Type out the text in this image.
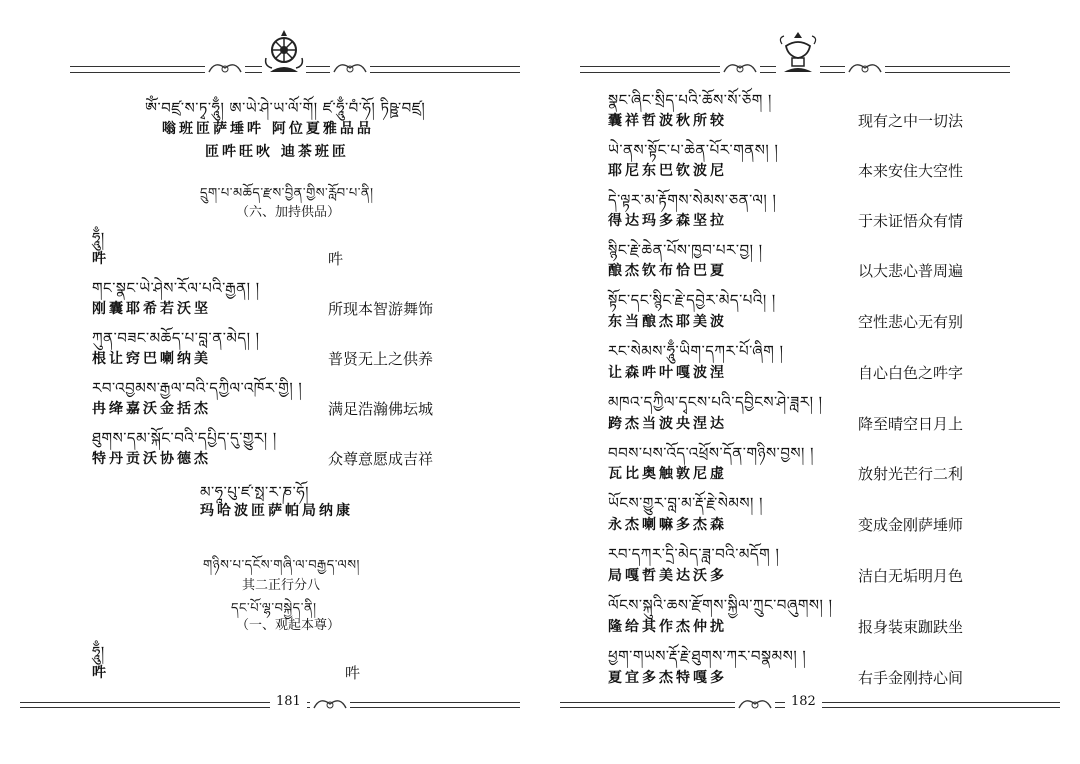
ཨོཾ་བཛྲ་ས་ཏྭ་ཧཱུྃ། ཨ་ཡེ་ཤེ་ཡ་ལོ་གོ། ཛ་ཧཱུྃ་བཾ་ཧོ། ཏིཥྛ་བཛྲ།
嗡班匝萨埵吽 阿位夏雅品品
匝吽旺吙 迪茶班匝
དྲུག་པ་མཆོད་རྫས་བྱིན་གྱིས་རློབ་པ་ནི།
（六、加持供品）
ཧཱུྃ།
吽	吽
གང་སྣང་ཡེ་ཤེས་རོལ་པའི་རྒྱན། །
刚囊耶希若沃坚	所现本智游舞饰
ཀུན་བཟང་མཆོད་པ་བླ་ན་མེད། །
根让窍巴喇纳美	普贤无上之供养
རབ་འབྱམས་རྒྱལ་བའི་དཀྱིལ་འཁོར་གྱི། །
冉绛嘉沃金括杰	满足浩瀚佛坛城
ཐུགས་དམ་སྐོང་བའི་དཔྱིད་དུ་གྱུར། །
特丹贡沃协德杰	众尊意愿成吉祥
མ་ཧཱ་པུ་ཛ་སྥ་ར་ཎ་ཧོ།
玛哈波匝萨帕局纳康
གཉིས་པ་དངོས་གཞི་ལ་བརྒྱད་ལས།
其二正行分八
དང་པོ་ལྷ་བསྐྱེད་ནི།
（一、观起本尊）
ཧཱུྃ།
吽	吽
181
སྣང་ཞིང་སྲིད་པའི་ཆོས་སོ་ཅོག །
囊祥哲波秋所较	现有之中一切法
ཡེ་ནས་སྟོང་པ་ཆེན་པོར་གནས། །
耶尼东巴钦波尼	本来安住大空性
དེ་ལྟར་མ་རྟོགས་སེམས་ཅན་ལ། །
得达玛多森坚拉	于未证悟众有情
སྙིང་རྗེ་ཆེན་པོས་ཁྱབ་པར་བྱ། །
酿杰钦布恰巴夏	以大悲心普周遍
སྟོང་དང་སྙིང་རྗེ་དབྱེར་མེད་པའི། །
东当酿杰耶美波	空性悲心无有别
རང་སེམས་ཧཱུྃ་ཡིག་དཀར་པོ་ཞིག །
让森吽叶嘎波涅	自心白色之吽字
མཁའ་དཀྱིལ་དྭངས་པའི་དབྱིངས་ཤེ་ཟླར། །
跨杰当波央涅达	降至晴空日月上
བབས་པས་འོད་འཕྲོས་དོན་གཉིས་བྱས། །
瓦比奥触敦尼虚	放射光芒行二利
ཡོངས་གྱུར་བླ་མ་རྡོ་རྗེ་སེམས། །
永杰喇嘛多杰森	变成金刚萨埵师
རབ་དཀར་དྲི་མེད་ཟླ་བའི་མདོག །
局嘎哲美达沃多	洁白无垢明月色
ལོངས་སྐུའི་ཆས་རྫོགས་སྐྱིལ་ཀྲུང་བཞུགས། །
隆给其作杰仲扰	报身装束跏趺坐
ཕྱག་གཡས་རྡོ་རྗེ་ཐུགས་ཀར་བསྣམས། །
夏宜多杰特嘎多	右手金刚持心间
182
